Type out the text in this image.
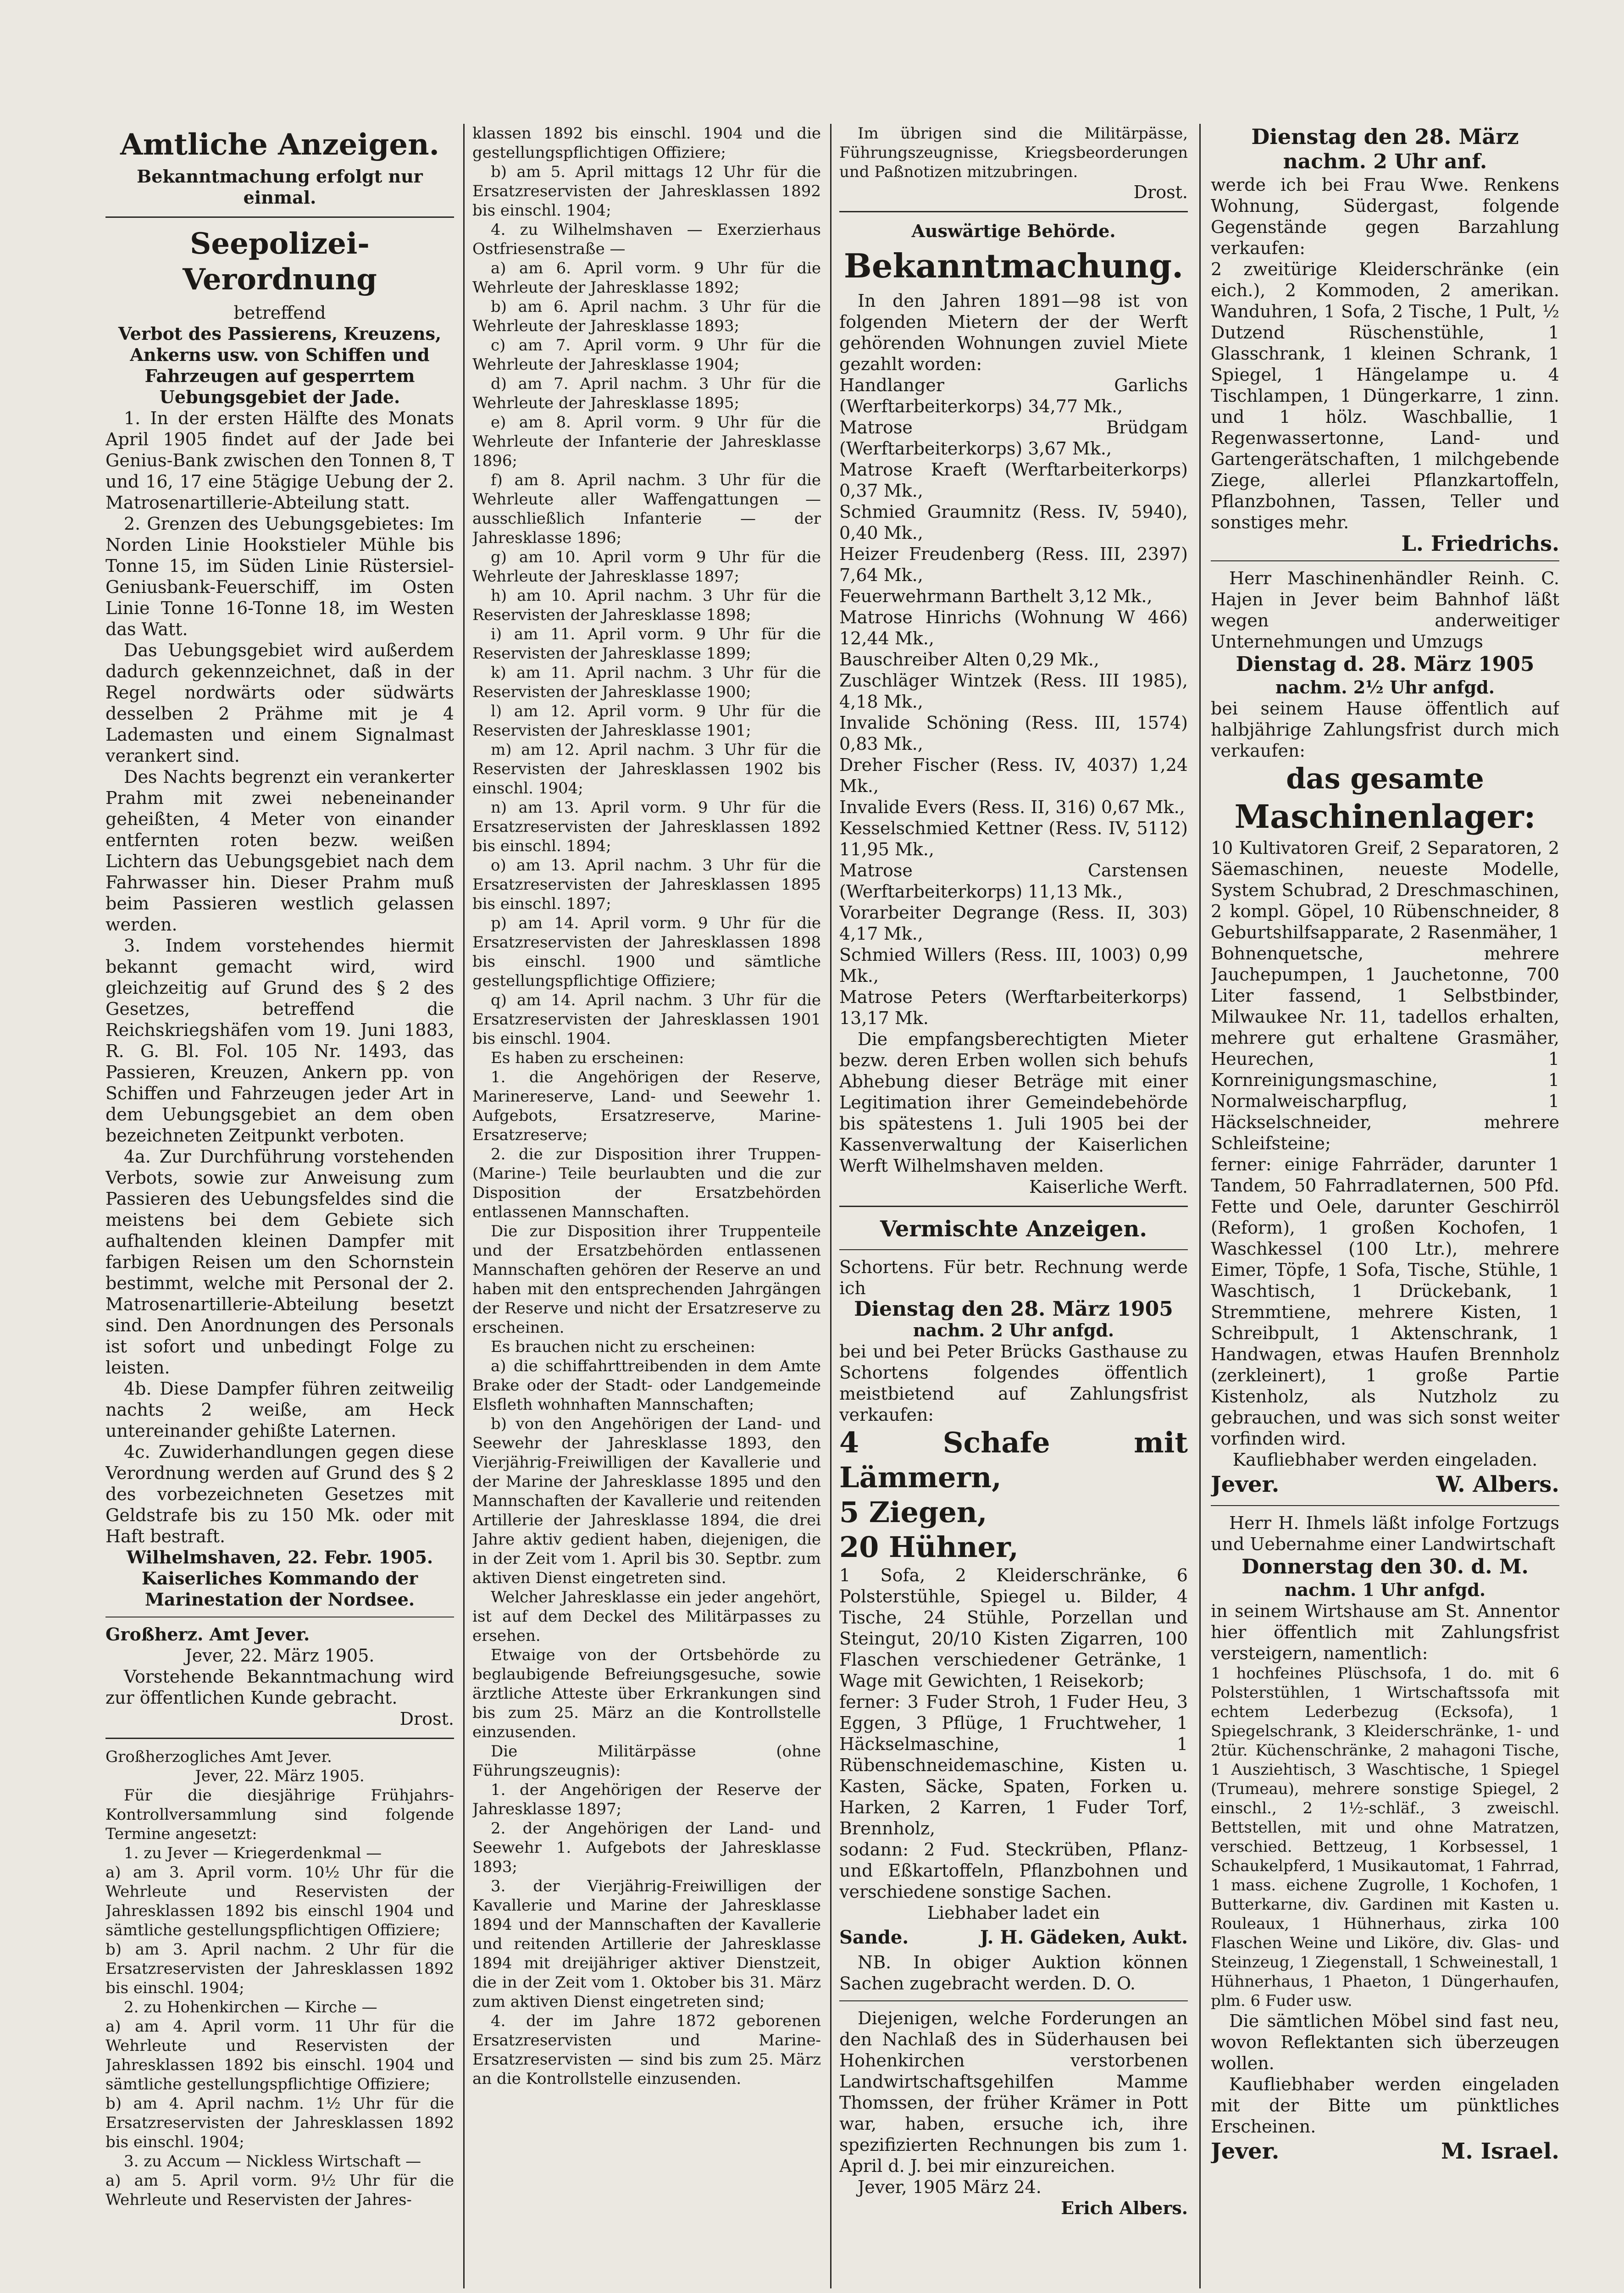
Amtliche Anzeigen.
Bekanntmachung erfolgt nur einmal.
Seepolizei-Verordnung
betreffend
Verbot des Passierens, Kreuzens, Ankerns usw. von Schiffen und Fahrzeugen auf gesperrtem Uebungsgebiet der Jade.

1. In der ersten Hälfte des Monats April 1905 findet auf der Jade bei Genius-Bank zwischen den Tonnen 8, T und 16, 17 eine 5tägige Uebung der 2. Matrosenartillerie-Abteilung statt.

2. Grenzen des Uebungsgebietes: Im Norden Linie Hookstieler Mühle bis Tonne 15, im Süden Linie Rüstersiel-Geniusbank-Feuerschiff, im Osten Linie Tonne 16-Tonne 18, im Westen das Watt.

Das Uebungsgebiet wird außerdem dadurch gekennzeichnet, daß in der Regel nordwärts oder südwärts desselben 2 Prähme mit je 4 Lademasten und einem Signalmast verankert sind.

Des Nachts begrenzt ein verankerter Prahm mit zwei nebeneinander geheißten, 4 Meter von einander entfernten roten bezw. weißen Lichtern das Uebungsgebiet nach dem Fahrwasser hin. Dieser Prahm muß beim Passieren westlich gelassen werden.

3. Indem vorstehendes hiermit bekannt gemacht wird, wird gleichzeitig auf Grund des § 2 des Gesetzes, betreffend die Reichskriegshäfen vom 19. Juni 1883, R. G. Bl. Fol. 105 Nr. 1493, das Passieren, Kreuzen, Ankern pp. von Schiffen und Fahrzeugen jeder Art in dem Uebungsgebiet an dem oben bezeichneten Zeitpunkt verboten.

4a. Zur Durchführung vorstehenden Verbots, sowie zur Anweisung zum Passieren des Uebungsfeldes sind die meistens bei dem Gebiete sich aufhaltenden kleinen Dampfer mit farbigen Reisen um den Schornstein bestimmt, welche mit Personal der 2. Matrosenartillerie-Abteilung besetzt sind. Den Anordnungen des Personals ist sofort und unbedingt Folge zu leisten.

4b. Diese Dampfer führen zeitweilig nachts 2 weiße, am Heck untereinander gehißte Laternen.

4c. Zuwiderhandlungen gegen diese Verordnung werden auf Grund des § 2 des vorbezeichneten Gesetzes mit Geldstrafe bis zu 150 Mk. oder mit Haft bestraft.

Wilhelmshaven, 22. Febr. 1905.

Kaiserliches Kommando der Marinestation der Nordsee.

Großherz. Amt Jever.

Jever, 22. März 1905.

Vorstehende Bekanntmachung wird zur öffentlichen Kunde gebracht.

Drost.

Großherzogliches Amt Jever.

Jever, 22. März 1905.

Für die diesjährige Frühjahrs-Kontrollversammlung sind folgende Termine angesetzt:

1. zu Jever — Kriegerdenkmal —

a) am 3. April vorm. 10½ Uhr für die Wehrleute und Reservisten der Jahresklassen 1892 bis einschl 1904 und sämtliche gestellungspflichtigen Offiziere;

b) am 3. April nachm. 2 Uhr für die Ersatzreservisten der Jahresklassen 1892 bis einschl. 1904;

2. zu Hohenkirchen — Kirche —

a) am 4. April vorm. 11 Uhr für die Wehrleute und Reservisten der Jahresklassen 1892 bis einschl. 1904 und sämtliche gestellungspflichtige Offiziere;

b) am 4. April nachm. 1½ Uhr für die Ersatzreservisten der Jahresklassen 1892 bis einschl. 1904;

3. zu Accum — Nickless Wirtschaft —

a) am 5. April vorm. 9½ Uhr für die Wehrleute und Reservisten der Jahres-

klassen 1892 bis einschl. 1904 und die gestellungspflichtigen Offiziere;

b) am 5. April mittags 12 Uhr für die Ersatzreservisten der Jahresklassen 1892 bis einschl. 1904;

4. zu Wilhelmshaven — Exerzierhaus Ostfriesenstraße —

a) am 6. April vorm. 9 Uhr für die Wehrleute der Jahresklasse 1892;

b) am 6. April nachm. 3 Uhr für die Wehrleute der Jahresklasse 1893;

c) am 7. April vorm. 9 Uhr für die Wehrleute der Jahresklasse 1904;

d) am 7. April nachm. 3 Uhr für die Wehrleute der Jahresklasse 1895;

e) am 8. April vorm. 9 Uhr für die Wehrleute der Infanterie der Jahresklasse 1896;

f) am 8. April nachm. 3 Uhr für die Wehrleute aller Waffengattungen — ausschließlich Infanterie — der Jahresklasse 1896;

g) am 10. April vorm 9 Uhr für die Wehrleute der Jahresklasse 1897;

h) am 10. April nachm. 3 Uhr für die Reservisten der Jahresklasse 1898;

i) am 11. April vorm. 9 Uhr für die Reservisten der Jahresklasse 1899;

k) am 11. April nachm. 3 Uhr für die Reservisten der Jahresklasse 1900;

l) am 12. April vorm. 9 Uhr für die Reservisten der Jahresklasse 1901;

m) am 12. April nachm. 3 Uhr für die Reservisten der Jahresklassen 1902 bis einschl. 1904;

n) am 13. April vorm. 9 Uhr für die Ersatzreservisten der Jahresklassen 1892 bis einschl. 1894;

o) am 13. April nachm. 3 Uhr für die Ersatzreservisten der Jahresklassen 1895 bis einschl. 1897;

p) am 14. April vorm. 9 Uhr für die Ersatzreservisten der Jahresklassen 1898 bis einschl. 1900 und sämtliche gestellungspflichtige Offiziere;

q) am 14. April nachm. 3 Uhr für die Ersatzreservisten der Jahresklassen 1901 bis einschl. 1904.

Es haben zu erscheinen:

1. die Angehörigen der Reserve, Marinereserve, Land- und Seewehr 1. Aufgebots, Ersatzreserve, Marine-Ersatzreserve;

2. die zur Disposition ihrer Truppen-(Marine-) Teile beurlaubten und die zur Disposition der Ersatzbehörden entlassenen Mannschaften.

Die zur Disposition ihrer Truppenteile und der Ersatzbehörden entlassenen Mannschaften gehören der Reserve an und haben mit den entsprechenden Jahrgängen der Reserve und nicht der Ersatzreserve zu erscheinen.

Es brauchen nicht zu erscheinen:

a) die schiffahrttreibenden in dem Amte Brake oder der Stadt- oder Landgemeinde Elsfleth wohnhaften Mannschaften;

b) von den Angehörigen der Land- und Seewehr der Jahresklasse 1893, den Vierjährig-Freiwilligen der Kavallerie und der Marine der Jahresklasse 1895 und den Mannschaften der Kavallerie und reitenden Artillerie der Jahresklasse 1894, die drei Jahre aktiv gedient haben, diejenigen, die in der Zeit vom 1. April bis 30. Septbr. zum aktiven Dienst eingetreten sind.

Welcher Jahresklasse ein jeder angehört, ist auf dem Deckel des Militärpasses zu ersehen.

Etwaige von der Ortsbehörde zu beglaubigende Befreiungsgesuche, sowie ärztliche Atteste über Erkrankungen sind bis zum 25. März an die Kontrollstelle einzusenden.

Die Militärpässe (ohne Führungszeugnis):

1. der Angehörigen der Reserve der Jahresklasse 1897;

2. der Angehörigen der Land- und Seewehr 1. Aufgebots der Jahresklasse 1893;

3. der Vierjährig-Freiwilligen der Kavallerie und Marine der Jahresklasse 1894 und der Mannschaften der Kavallerie und reitenden Artillerie der Jahresklasse 1894 mit dreijähriger aktiver Dienstzeit, die in der Zeit vom 1. Oktober bis 31. März zum aktiven Dienst eingetreten sind;

4. der im Jahre 1872 geborenen Ersatzreservisten und Marine-Ersatzreservisten — sind bis zum 25. März an die Kontrollstelle einzusenden.

Im übrigen sind die Militärpässe, Führungszeugnisse, Kriegsbeorderungen und Paßnotizen mitzubringen.

Drost.

Auswärtige Behörde.
Bekanntmachung.

In den Jahren 1891—98 ist von folgenden Mietern der der Werft gehörenden Wohnungen zuviel Miete gezahlt worden:

Handlanger Garlichs (Werftarbeiterkorps) 34,77 Mk.,

Matrose Brüdgam (Werftarbeiterkorps) 3,67 Mk.,

Matrose Kraeft (Werftarbeiterkorps) 0,37 Mk.,

Schmied Graumnitz (Ress. IV, 5940), 0,40 Mk.,

Heizer Freudenberg (Ress. III, 2397) 7,64 Mk.,

Feuerwehrmann Barthelt 3,12 Mk.,

Matrose Hinrichs (Wohnung W 466) 12,44 Mk.,

Bauschreiber Alten 0,29 Mk.,

Zuschläger Wintzek (Ress. III 1985), 4,18 Mk.,

Invalide Schöning (Ress. III, 1574) 0,83 Mk.,

Dreher Fischer (Ress. IV, 4037) 1,24 Mk.,

Invalide Evers (Ress. II, 316) 0,67 Mk.,

Kesselschmied Kettner (Ress. IV, 5112) 11,95 Mk.,

Matrose Carstensen (Werftarbeiterkorps) 11,13 Mk.,

Vorarbeiter Degrange (Ress. II, 303) 4,17 Mk.,

Schmied Willers (Ress. III, 1003) 0,99 Mk.,

Matrose Peters (Werftarbeiterkorps) 13,17 Mk.

Die empfangsberechtigten Mieter bezw. deren Erben wollen sich behufs Abhebung dieser Beträge mit einer Legitimation ihrer Gemeindebehörde bis spätestens 1. Juli 1905 bei der Kassenverwaltung der Kaiserlichen Werft Wilhelmshaven melden.

Kaiserliche Werft.

Vermischte Anzeigen.

Schortens. Für betr. Rechnung werde ich

Dienstag den 28. März 1905

nachm. 2 Uhr anfgd.

bei und bei Peter Brücks Gasthause zu Schortens folgendes öffentlich meistbietend auf Zahlungsfrist verkaufen:

4 Schafe mit Lämmern,

5 Ziegen,

20 Hühner,

1 Sofa, 2 Kleiderschränke, 6 Polsterstühle, Spiegel u. Bilder, 4 Tische, 24 Stühle, Porzellan und Steingut, 20/10 Kisten Zigarren, 100 Flaschen verschiedener Getränke, 1 Wage mit Gewichten, 1 Reisekorb;

ferner: 3 Fuder Stroh, 1 Fuder Heu, 3 Eggen, 3 Pflüge, 1 Fruchtweher, 1 Häckselmaschine, 1 Rübenschneidemaschine, Kisten u. Kasten, Säcke, Spaten, Forken u. Harken, 2 Karren, 1 Fuder Torf, Brennholz,

sodann: 2 Fud. Steckrüben, Pflanz- und Eßkartoffeln, Pflanzbohnen und verschiedene sonstige Sachen.

Liebhaber ladet ein

Sande.	J. H. Gädeken, Aukt.

NB. In obiger Auktion können Sachen zugebracht werden. D. O.

Diejenigen, welche Forderungen an den Nachlaß des in Süderhausen bei Hohenkirchen verstorbenen Landwirtschaftsgehilfen Mamme Thomssen, der früher Krämer in Pott war, haben, ersuche ich, ihre spezifizierten Rechnungen bis zum 1. April d. J. bei mir einzureichen.

Jever, 1905 März 24.

Erich Albers.

Dienstag den 28. März

nachm. 2 Uhr anf.

werde ich bei Frau Wwe. Renkens Wohnung, Südergast, folgende Gegenstände gegen Barzahlung verkaufen:

2 zweitürige Kleiderschränke (ein eich.), 2 Kommoden, 2 amerikan. Wanduhren, 1 Sofa, 2 Tische, 1 Pult, ½ Dutzend Rüschenstühle, 1 Glasschrank, 1 kleinen Schrank, 1 Spiegel, 1 Hängelampe u. 4 Tischlampen, 1 Düngerkarre, 1 zinn. und 1 hölz. Waschballie, 1 Regenwassertonne, Land- und Gartengerätschaften, 1 milchgebende Ziege, allerlei Pflanzkartoffeln, Pflanzbohnen, Tassen, Teller und sonstiges mehr.

L. Friedrichs.

Herr Maschinenhändler Reinh. C. Hajen in Jever beim Bahnhof läßt wegen anderweitiger Unternehmungen und Umzugs

Dienstag d. 28. März 1905

nachm. 2½ Uhr anfgd.

bei seinem Hause öffentlich auf halbjährige Zahlungsfrist durch mich verkaufen:

das gesamte

Maschinenlager:

10 Kultivatoren Greif, 2 Separatoren, 2 Säemaschinen, neueste Modelle, System Schubrad, 2 Dreschmaschinen, 2 kompl. Göpel, 10 Rübenschneider, 8 Geburtshilfsapparate, 2 Rasenmäher, 1 Bohnenquetsche, mehrere Jauchepumpen, 1 Jauchetonne, 700 Liter fassend, 1 Selbstbinder, Milwaukee Nr. 11, tadellos erhalten, mehrere gut erhaltene Grasmäher, Heurechen, 1 Kornreinigungsmaschine, 1 Normalweischarpflug, 1 Häckselschneider, mehrere Schleifsteine;

ferner: einige Fahrräder, darunter 1 Tandem, 50 Fahrradlaternen, 500 Pfd. Fette und Oele, darunter Geschirröl (Reform), 1 großen Kochofen, 1 Waschkessel (100 Ltr.), mehrere Eimer, Töpfe, 1 Sofa, Tische, Stühle, 1 Waschtisch, 1 Drückebank, 1 Stremmtiene, mehrere Kisten, 1 Schreibpult, 1 Aktenschrank, 1 Handwagen, etwas Haufen Brennholz (zerkleinert), 1 große Partie Kistenholz, als Nutzholz zu gebrauchen, und was sich sonst weiter vorfinden wird.

Kaufliebhaber werden eingeladen.

Jever.	W. Albers.

Herr H. Ihmels läßt infolge Fortzugs und Uebernahme einer Landwirtschaft

Donnerstag den 30. d. M.

nachm. 1 Uhr anfgd.

in seinem Wirtshause am St. Annentor hier öffentlich mit Zahlungsfrist versteigern, namentlich:

1 hochfeines Plüschsofa, 1 do. mit 6 Polsterstühlen, 1 Wirtschaftssofa mit echtem Lederbezug (Ecksofa), 1 Spiegelschrank, 3 Kleiderschränke, 1- und 2tür. Küchenschränke, 2 mahagoni Tische, 1 Ausziehtisch, 3 Waschtische, 1 Spiegel (Trumeau), mehrere sonstige Spiegel, 2 einschl., 2 1½-schläf., 3 zweischl. Bettstellen, mit und ohne Matratzen, verschied. Bettzeug, 1 Korbsessel, 1 Schaukelpferd, 1 Musikautomat, 1 Fahrrad, 1 mass. eichene Zugrolle, 1 Kochofen, 1 Butterkarne, div. Gardinen mit Kasten u. Rouleaux, 1 Hühnerhaus, zirka 100 Flaschen Weine und Liköre, div. Glas- und Steinzeug, 1 Ziegenstall, 1 Schweinestall, 1 Hühnerhaus, 1 Phaeton, 1 Düngerhaufen, plm. 6 Fuder usw.

Die sämtlichen Möbel sind fast neu, wovon Reflektanten sich überzeugen wollen.

Kaufliebhaber werden eingeladen mit der Bitte um pünktliches Erscheinen.

Jever.	M. Israel.
